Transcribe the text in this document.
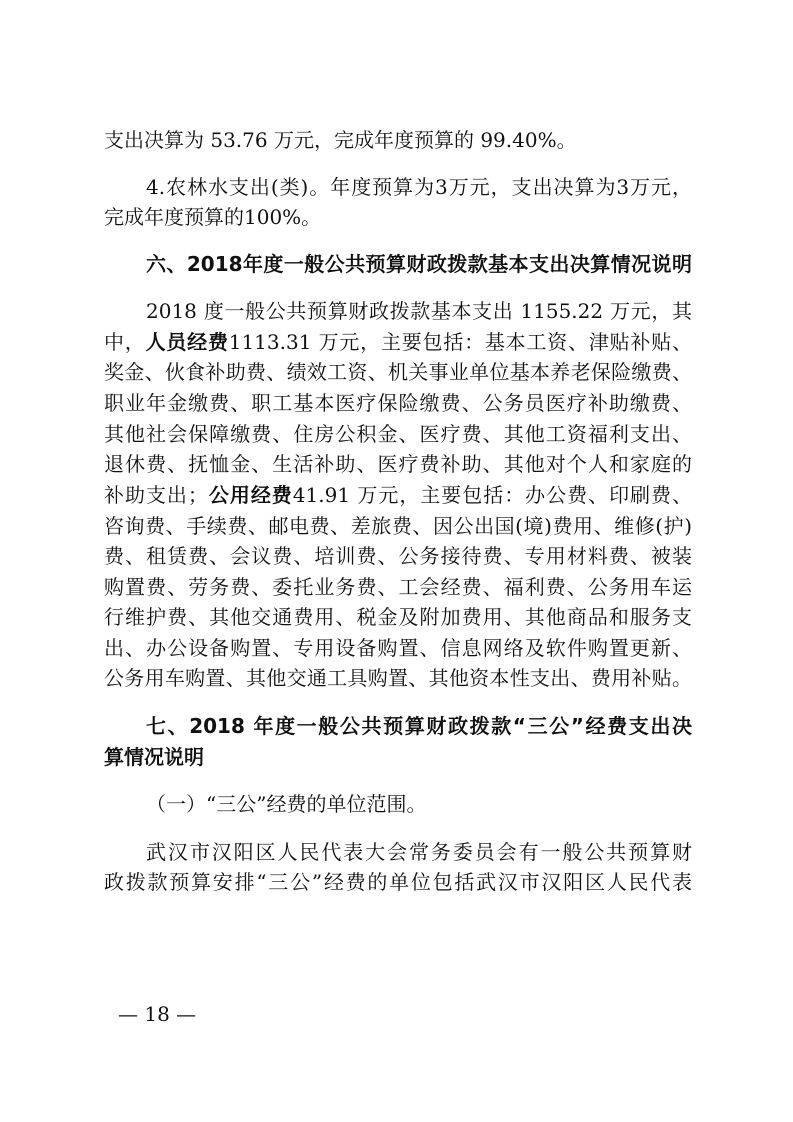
支出决算为 53.76 万元，完成年度预算的 99.40%。
4.农林水支出(类)。年度预算为3万元，支出决算为3万元，
完成年度预算的100%。
六、2018年度一般公共预算财政拨款基本支出决算情况说明
2018 度一般公共预算财政拨款基本支出 1155.22 万元，其
中，人员经费1113.31 万元，主要包括：基本工资、津贴补贴、
奖金、伙食补助费、绩效工资、机关事业单位基本养老保险缴费、
职业年金缴费、职工基本医疗保险缴费、公务员医疗补助缴费、
其他社会保障缴费、住房公积金、医疗费、其他工资福利支出、
退休费、抚恤金、生活补助、医疗费补助、其他对个人和家庭的
补助支出；公用经费41.91 万元，主要包括：办公费、印刷费、
咨询费、手续费、邮电费、差旅费、因公出国(境)费用、维修(护)
费、租赁费、会议费、培训费、公务接待费、专用材料费、被装
购置费、劳务费、委托业务费、工会经费、福利费、公务用车运
行维护费、其他交通费用、税金及附加费用、其他商品和服务支
出、办公设备购置、专用设备购置、信息网络及软件购置更新、
公务用车购置、其他交通工具购置、其他资本性支出、费用补贴。
七、2018 年度一般公共预算财政拨款“三公”经费支出决
算情况说明
（一）“三公”经费的单位范围。
武汉市汉阳区人民代表大会常务委员会有一般公共预算财
政拨款预算安排“三公”经费的单位包括武汉市汉阳区人民代表
— 18 —
